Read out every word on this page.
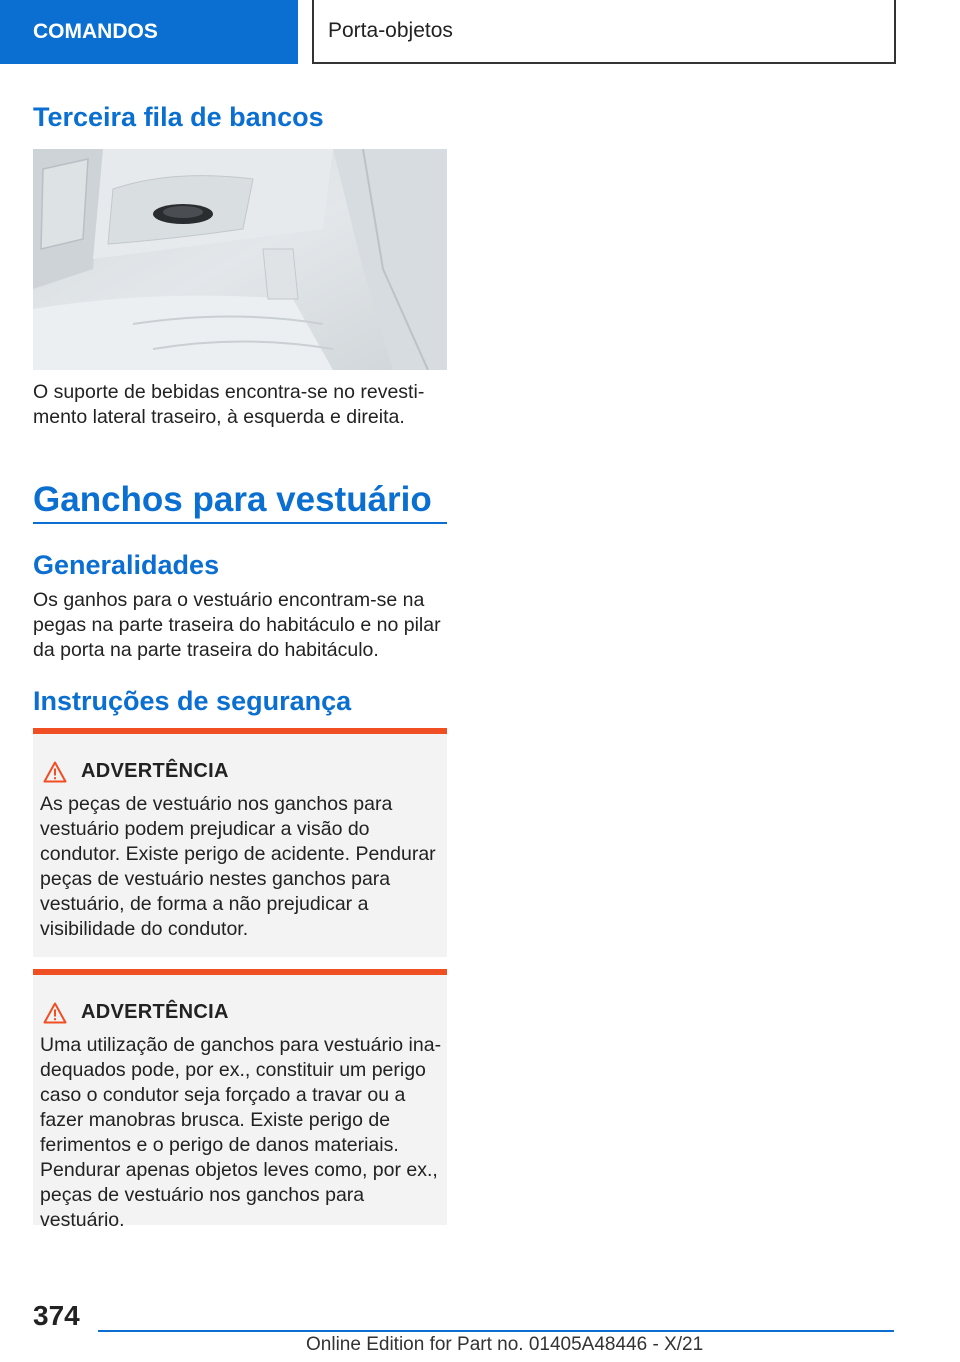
COMANDOS	Porta-objetos
Terceira fila de bancos

O suporte de bebidas encontra-se no revestimento lateral traseiro, à esquerda e direita.

Ganchos para vestuário
Generalidades

Os ganhos para o vestuário encontram-se na pegas na parte traseira do habitáculo e no pilar da porta na parte traseira do habitáculo.

Instruções de segurança
ADVERTÊNCIA

As peças de vestuário nos ganchos para vestuário podem prejudicar a visão do condutor. Existe perigo de acidente. Pendurar peças de vestuário nestes ganchos para vestuário, de forma a não prejudicar a visibilidade do condutor.

ADVERTÊNCIA

Uma utilização de ganchos para vestuário inadequados pode, por ex., constituir um perigo caso o condutor seja forçado a travar ou a fazer manobras brusca. Existe perigo de ferimentos e o perigo de danos materiais. Pendurar apenas objetos leves como, por ex., peças de vestuário nos ganchos para vestuário.

374
Online Edition for Part no. 01405A48446 - X/21
